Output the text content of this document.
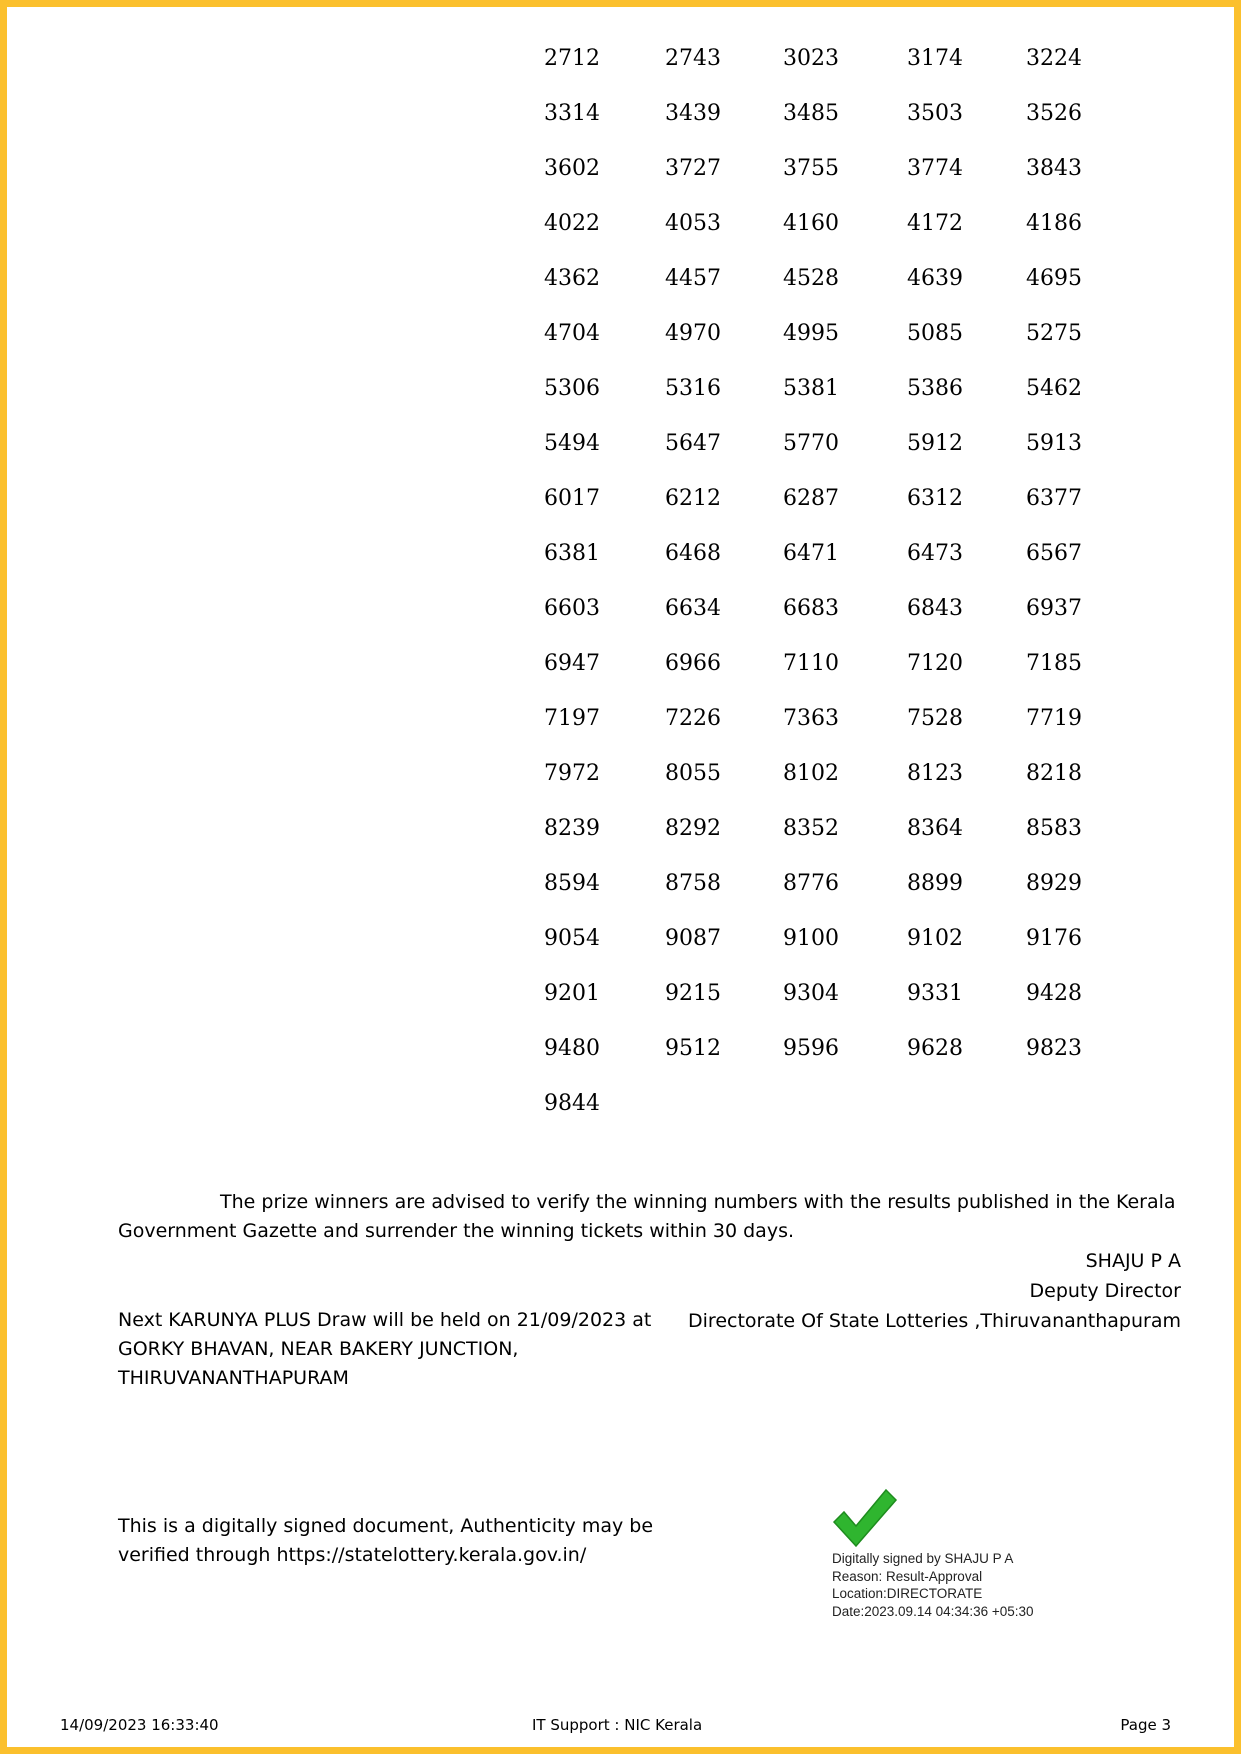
2712	2743	3023	3174	3224
3314	3439	3485	3503	3526
3602	3727	3755	3774	3843
4022	4053	4160	4172	4186
4362	4457	4528	4639	4695
4704	4970	4995	5085	5275
5306	5316	5381	5386	5462
5494	5647	5770	5912	5913
6017	6212	6287	6312	6377
6381	6468	6471	6473	6567
6603	6634	6683	6843	6937
6947	6966	7110	7120	7185
7197	7226	7363	7528	7719
7972	8055	8102	8123	8218
8239	8292	8352	8364	8583
8594	8758	8776	8899	8929
9054	9087	9100	9102	9176
9201	9215	9304	9331	9428
9480	9512	9596	9628	9823
9844
The prize winners are advised to verify the winning numbers with the results published in the Kerala Government Gazette and surrender the winning tickets within 30 days.
SHAJU P A
Deputy Director
Directorate Of State Lotteries ,Thiruvananthapuram
Next KARUNYA PLUS Draw will be held on 21/09/2023 at
GORKY BHAVAN, NEAR BAKERY JUNCTION,
THIRUVANANTHAPURAM
This is a digitally signed document, Authenticity may be
verified through https://statelottery.kerala.gov.in/	Digitally signed by SHAJU P A
Reason: Result-Approval
Location:DIRECTORATE
Date:2023.09.14 04:34:36 +05:30
14/09/2023 16:33:40	IT Support : NIC Kerala	Page 3
